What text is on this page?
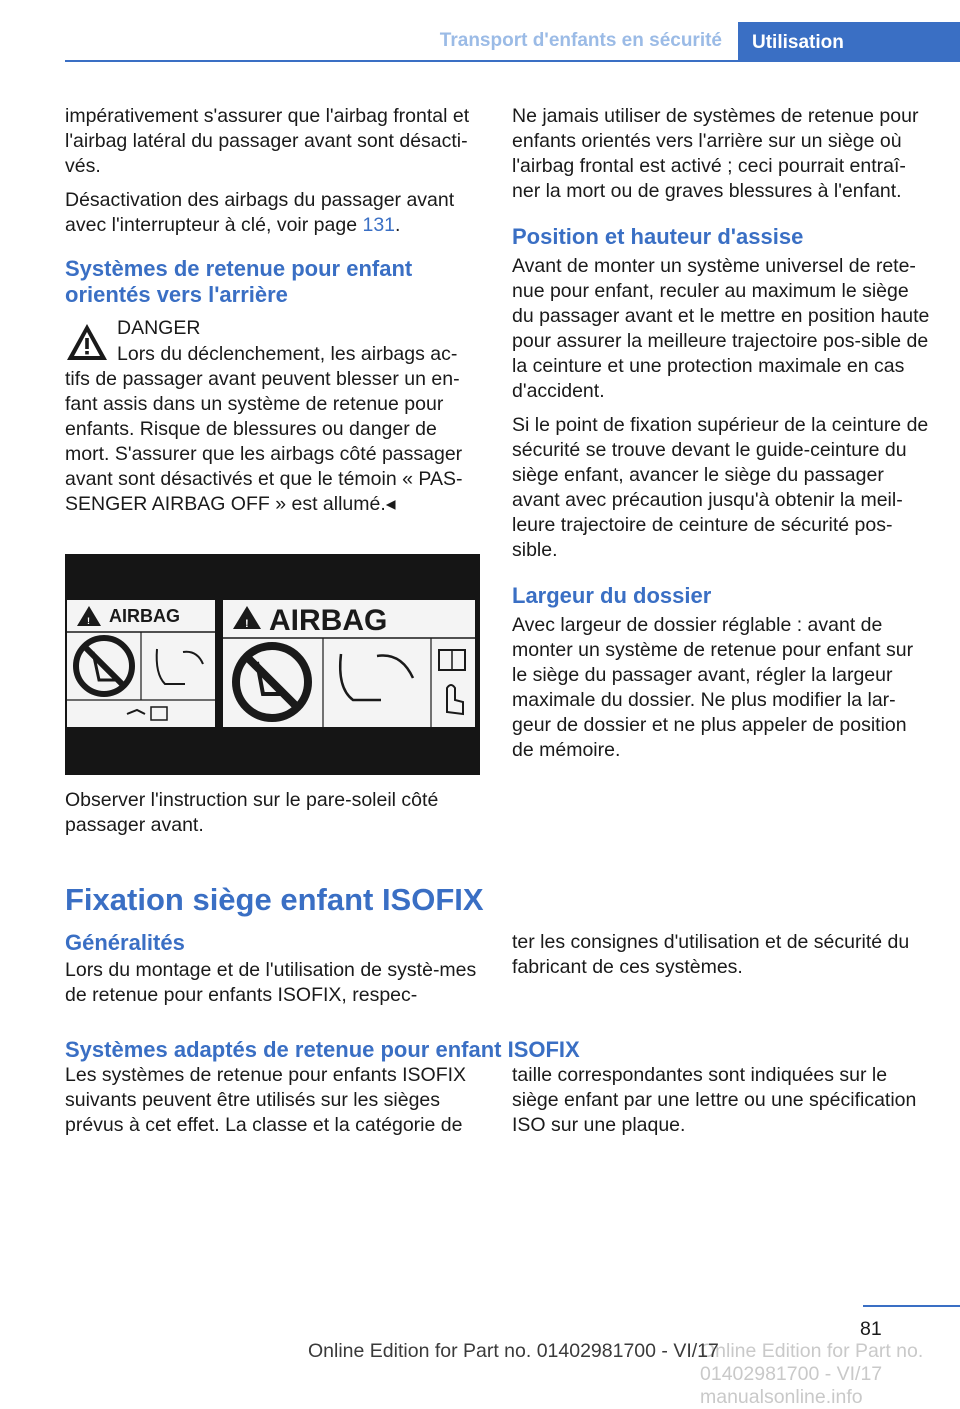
Transport d'enfants en sécurité	Utilisation

impérativement s'assurer que l'airbag frontal et l'airbag latéral du passager avant sont désacti‐vés.

Désactivation des airbags du passager avant avec l'interrupteur à clé, voir page 131.

Systèmes de retenue pour enfant orientés vers l'arrière
DANGER
Lors du déclenchement, les airbags ac‐
tifs de passager avant peuvent blesser un en‐fant assis dans un système de retenue pour enfants. Risque de blessures ou danger de mort. S'assurer que les airbags côté passager avant sont désactivés et que le témoin « PAS‐SENGER AIRBAG OFF » est allumé.◂
! AIRBAG	! AIRBAG
Observer l'instruction sur le pare-soleil côté passager avant.

Ne jamais utiliser de systèmes de retenue pour enfants orientés vers l'arrière sur un siège où l'airbag frontal est activé ; ceci pourrait entraî‐ner la mort ou de graves blessures à l'enfant.

Position et hauteur d'assise

Avant de monter un système universel de rete‐nue pour enfant, reculer au maximum le siège du passager avant et le mettre en position haute pour assurer la meilleure trajectoire pos‐sible de la ceinture et une protection maximale en cas d'accident.

Si le point de fixation supérieur de la ceinture de sécurité se trouve devant le guide-ceinture du siège enfant, avancer le siège du passager avant avec précaution jusqu'à obtenir la meil‐leure trajectoire de ceinture de sécurité pos‐sible.

Largeur du dossier

Avec largeur de dossier réglable : avant de monter un système de retenue pour enfant sur le siège du passager avant, régler la largeur maximale du dossier. Ne plus modifier la lar‐geur de dossier et ne plus appeler de position de mémoire.

Fixation siège enfant ISOFIX
Généralités

Lors du montage et de l'utilisation de systè‐mes de retenue pour enfants ISOFIX, respec‐

ter les consignes d'utilisation et de sécurité du fabricant de ces systèmes.
Systèmes adaptés de retenue pour enfant ISOFIX
Les systèmes de retenue pour enfants ISOFIX suivants peuvent être utilisés sur les sièges prévus à cet effet. La classe et la catégorie de
taille correspondantes sont indiquées sur le siège enfant par une lettre ou une spécification ISO sur une plaque.
81
Online Edition for Part no. 01402981700 - VI/17 manualsonline.info
Online Edition for Part no. 01402981700 - VI/17
